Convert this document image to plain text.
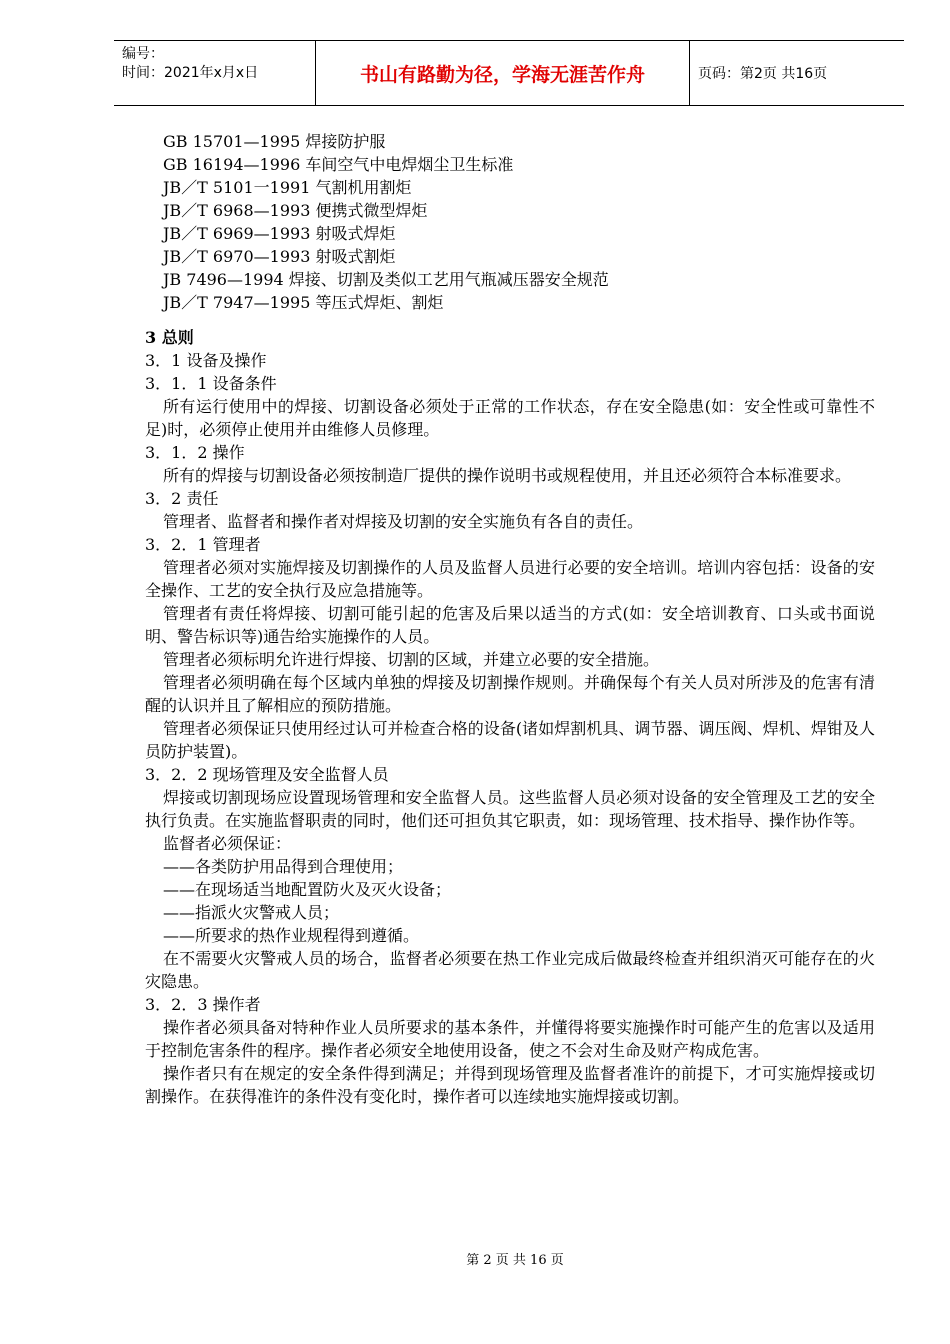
编号：
时间：2021年x月x日	书山有路勤为径，学海无涯苦作舟	页码：第2页 共16页
GB 15701—1995 焊接防护服
GB 16194—1996 车间空气中电焊烟尘卫生标准
JB／T 5101一1991 气割机用割炬
JB／T 6968—1993 便携式微型焊炬
JB／T 6969—1993 射吸式焊炬
JB／T 6970—1993 射吸式割炬
JB 7496—1994 焊接、切割及类似工艺用气瓶减压器安全规范
JB／T 7947—1995 等压式焊炬、割炬
3 总则
3．1 设备及操作
3．1．1 设备条件
所有运行使用中的焊接、切割设备必须处于正常的工作状态，存在安全隐患(如：安全性或可靠性不足)时，必须停止使用并由维修人员修理。
3．1．2 操作
所有的焊接与切割设备必须按制造厂提供的操作说明书或规程使用，并且还必须符合本标准要求。
3．2 责任
管理者、监督者和操作者对焊接及切割的安全实施负有各自的责任。
3．2．1 管理者
管理者必须对实施焊接及切割操作的人员及监督人员进行必要的安全培训。培训内容包括：设备的安全操作、工艺的安全执行及应急措施等。
管理者有责任将焊接、切割可能引起的危害及后果以适当的方式(如：安全培训教育、口头或书面说明、警告标识等)通告给实施操作的人员。
管理者必须标明允许进行焊接、切割的区域，并建立必要的安全措施。
管理者必须明确在每个区域内单独的焊接及切割操作规则。并确保每个有关人员对所涉及的危害有清醒的认识并且了解相应的预防措施。
管理者必须保证只使用经过认可并检查合格的设备(诸如焊割机具、调节器、调压阀、焊机、焊钳及人员防护装置)。
3．2．2 现场管理及安全监督人员
焊接或切割现场应设置现场管理和安全监督人员。这些监督人员必须对设备的安全管理及工艺的安全执行负责。在实施监督职责的同时，他们还可担负其它职责，如：现场管理、技术指导、操作协作等。
监督者必须保证：
——各类防护用品得到合理使用；
——在现场适当地配置防火及灭火设备；
——指派火灾警戒人员；
——所要求的热作业规程得到遵循。
在不需要火灾警戒人员的场合，监督者必须要在热工作业完成后做最终检查并组织消灭可能存在的火灾隐患。
3．2．3 操作者
操作者必须具备对特种作业人员所要求的基本条件，并懂得将要实施操作时可能产生的危害以及适用于控制危害条件的程序。操作者必须安全地使用设备，使之不会对生命及财产构成危害。
操作者只有在规定的安全条件得到满足；并得到现场管理及监督者准许的前提下，才可实施焊接或切割操作。在获得准许的条件没有变化时，操作者可以连续地实施焊接或切割。
第 2 页 共 16 页
